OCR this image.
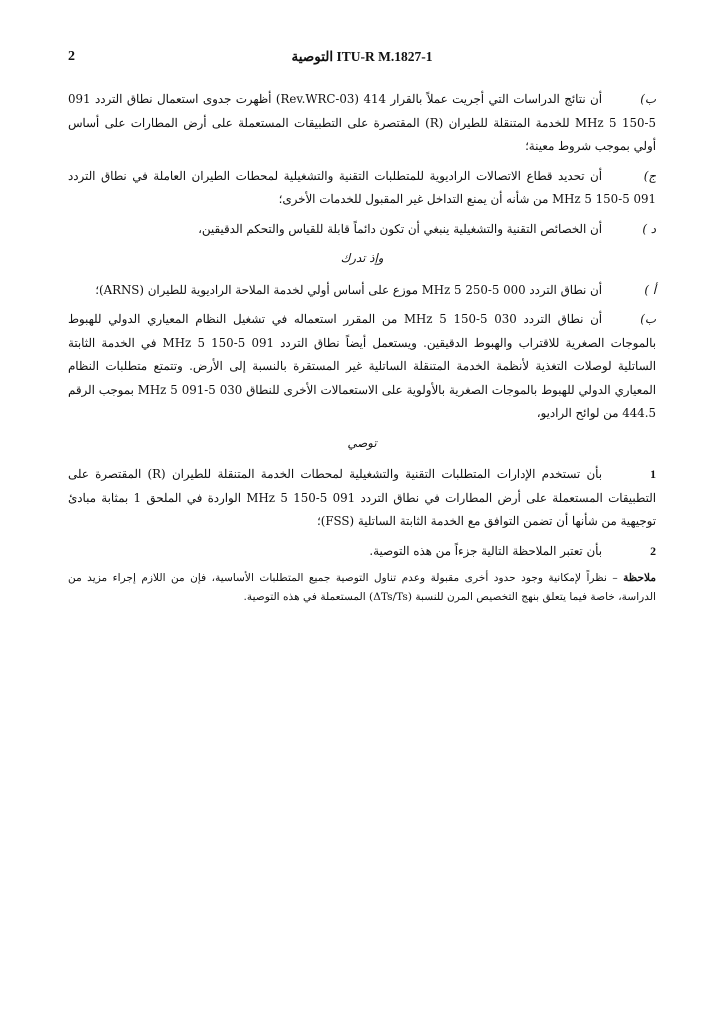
2	ITU-R M.1827-1 التوصية

ب)أن نتائج الدراسات التي أجريت عملاً بالقرار 414 (Rev.WRC-03) أظهرت جدوى استعمال نطاق التردد 091 5-150 5 MHz للخدمة المتنقلة للطيران (R) المقتصرة على التطبيقات المستعملة على أرض المطارات على أساس أولي بموجب شروط معينة؛

ج)أن تحديد قطاع الاتصالات الراديوية للمتطلبات التقنية والتشغيلية لمحطات الطيران العاملة في نطاق التردد 091 5-150 5 MHz من شأنه أن يمنع التداخل غير المقبول للخدمات الأخرى؛

د )أن الخصائص التقنية والتشغيلية ينبغي أن تكون دائماً قابلة للقياس والتحكم الدقيقين،

وإذ تدرك

أ )أن نطاق التردد 000 5-250 5 MHz موزع على أساس أولي لخدمة الملاحة الراديوية للطيران (ARNS)؛

ب)أن نطاق التردد 030 5-150 5 MHz من المقرر استعماله في تشغيل النظام المعياري الدولي للهبوط بالموجات الصغرية للاقتراب والهبوط الدقيقين. ويستعمل أيضاً نطاق التردد 091 5-150 5 MHz في الخدمة الثابتة الساتلية لوصلات التغذية لأنظمة الخدمة المتنقلة الساتلية غير المستقرة بالنسبة إلى الأرض. وتتمتع متطلبات النظام المعياري الدولي للهبوط بالموجات الصغرية بالأولوية على الاستعمالات الأخرى للنطاق 030 5-091 5 MHz بموجب الرقم 444.5 من لوائح الراديو،

توصي

1بأن تستخدم الإدارات المتطلبات التقنية والتشغيلية لمحطات الخدمة المتنقلة للطيران (R) المقتصرة على التطبيقات المستعملة على أرض المطارات في نطاق التردد 091 5-150 5 MHz الواردة في الملحق 1 بمثابة مبادئ توجيهية من شأنها أن تضمن التوافق مع الخدمة الثابتة الساتلية (FSS)؛

2بأن تعتبر الملاحظة التالية جزءاً من هذه التوصية.

ملاحظة – نظراً لإمكانية وجود حدود أخرى مقبولة وعدم تناول التوصية جميع المتطلبات الأساسية، فإن من اللازم إجراء مزيد من الدراسة، خاصة فيما يتعلق بنهج التخصيص المرن للنسبة (ΔTs/Ts) المستعملة في هذه التوصية.
